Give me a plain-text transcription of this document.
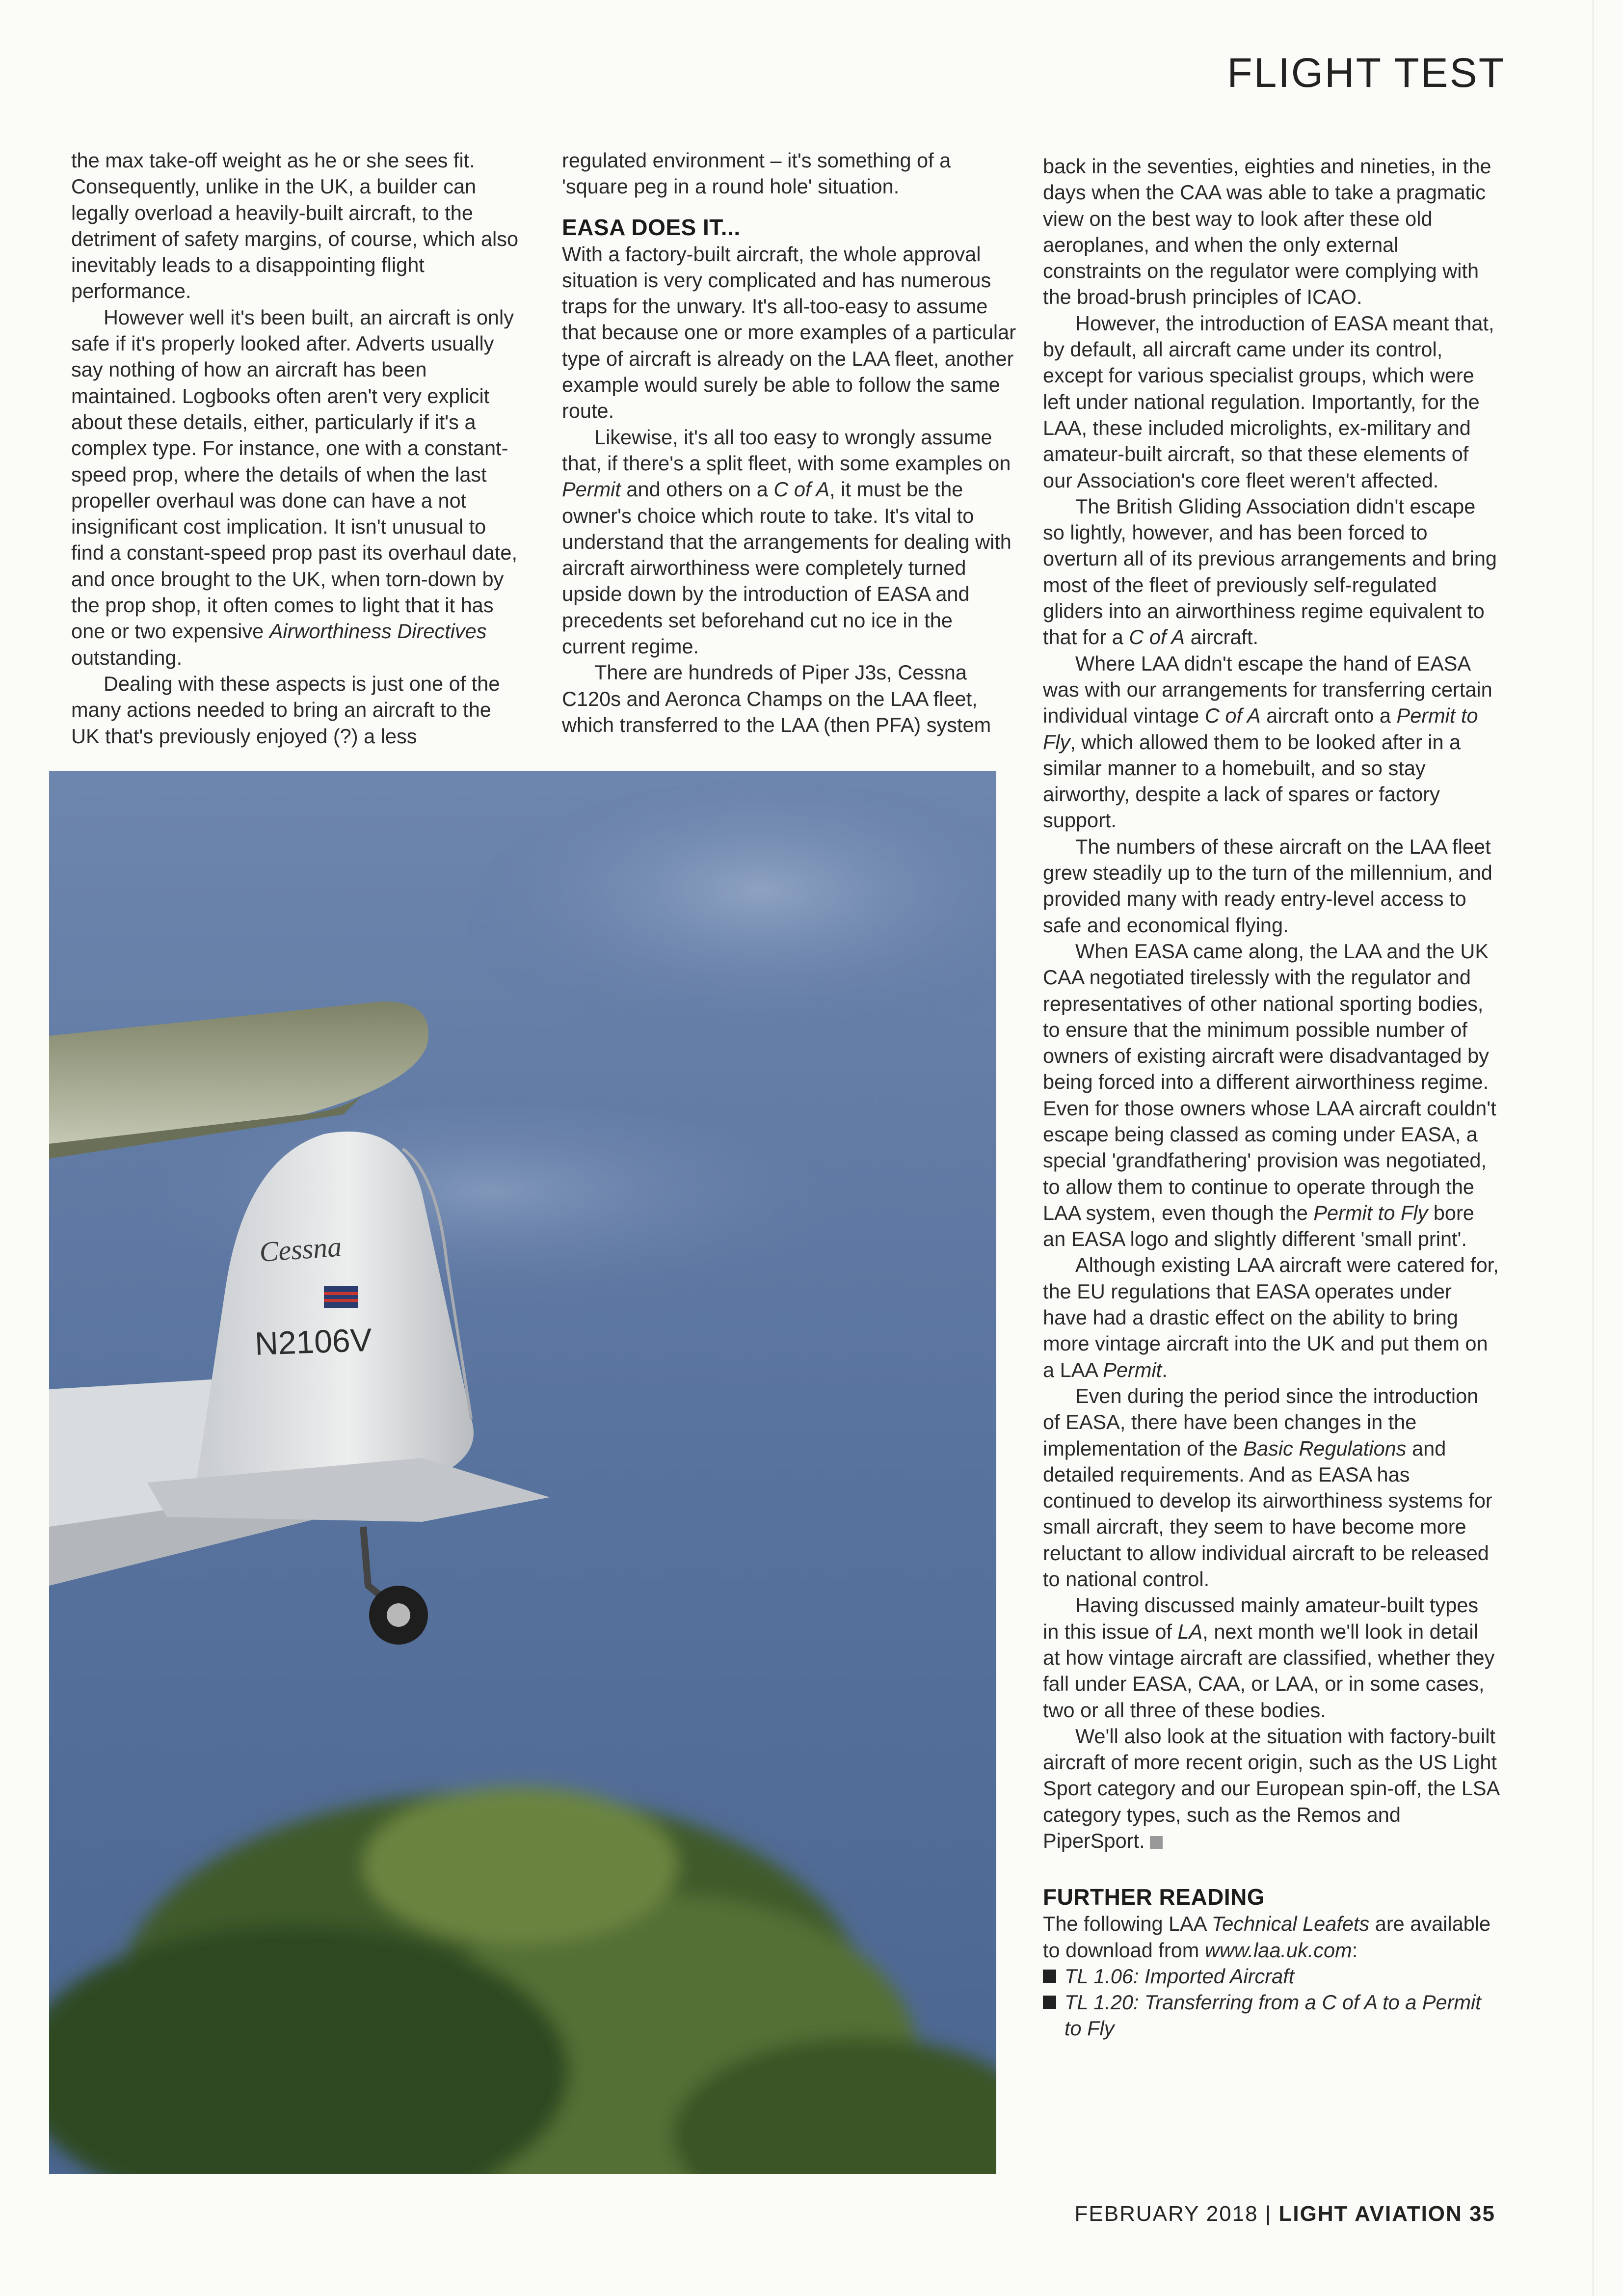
FLIGHT TEST

the max take-off weight as he or she sees fit. Consequently, unlike in the UK, a builder can legally overload a heavily-built aircraft, to the detriment of safety margins, of course, which also inevitably leads to a disappointing flight performance.

However well it's been built, an aircraft is only safe if it's properly looked after. Adverts usually say nothing of how an aircraft has been maintained. Logbooks often aren't very explicit about these details, either, particularly if it's a complex type. For instance, one with a constant-speed prop, where the details of when the last propeller overhaul was done can have a not insignificant cost implication. It isn't unusual to find a constant-speed prop past its overhaul date, and once brought to the UK, when torn-down by the prop shop, it often comes to light that it has one or two expensive Airworthiness Directives outstanding.

Dealing with these aspects is just one of the many actions needed to bring an aircraft to the UK that's previously enjoyed (?) a less

regulated environment – it's something of a 'square peg in a round hole' situation.

EASA DOES IT...

With a factory-built aircraft, the whole approval situation is very complicated and has numerous traps for the unwary. It's all-too-easy to assume that because one or more examples of a particular type of aircraft is already on the LAA fleet, another example would surely be able to follow the same route.

Likewise, it's all too easy to wrongly assume that, if there's a split fleet, with some examples on Permit and others on a C of A, it must be the owner's choice which route to take. It's vital to understand that the arrangements for dealing with aircraft airworthiness were completely turned upside down by the introduction of EASA and precedents set beforehand cut no ice in the current regime.

There are hundreds of Piper J3s, Cessna C120s and Aeronca Champs on the LAA fleet, which transferred to the LAA (then PFA) system

back in the seventies, eighties and nineties, in the days when the CAA was able to take a pragmatic view on the best way to look after these old aeroplanes, and when the only external constraints on the regulator were complying with the broad-brush principles of ICAO.

However, the introduction of EASA meant that, by default, all aircraft came under its control, except for various specialist groups, which were left under national regulation. Importantly, for the LAA, these included microlights, ex-military and amateur-built aircraft, so that these elements of our Association's core fleet weren't affected.

The British Gliding Association didn't escape so lightly, however, and has been forced to overturn all of its previous arrangements and bring most of the fleet of previously self-regulated gliders into an airworthiness regime equivalent to that for a C of A aircraft.

Where LAA didn't escape the hand of EASA was with our arrangements for transferring certain individual vintage C of A aircraft onto a Permit to Fly, which allowed them to be looked after in a similar manner to a homebuilt, and so stay airworthy, despite a lack of spares or factory support.

The numbers of these aircraft on the LAA fleet grew steadily up to the turn of the millennium, and provided many with ready entry-level access to safe and economical flying.

When EASA came along, the LAA and the UK CAA negotiated tirelessly with the regulator and representatives of other national sporting bodies, to ensure that the minimum possible number of owners of existing aircraft were disadvantaged by being forced into a different airworthiness regime. Even for those owners whose LAA aircraft couldn't escape being classed as coming under EASA, a special 'grandfathering' provision was negotiated, to allow them to continue to operate through the LAA system, even though the Permit to Fly bore an EASA logo and slightly different 'small print'.

Although existing LAA aircraft were catered for, the EU regulations that EASA operates under have had a drastic effect on the ability to bring more vintage aircraft into the UK and put them on a LAA Permit.

Even during the period since the introduction of EASA, there have been changes in the implementation of the Basic Regulations and detailed requirements. And as EASA has continued to develop its airworthiness systems for small aircraft, they seem to have become more reluctant to allow individual aircraft to be released to national control.

Having discussed mainly amateur-built types in this issue of LA, next month we'll look in detail at how vintage aircraft are classified, whether they fall under EASA, CAA, or LAA, or in some cases, two or all three of these bodies.

We'll also look at the situation with factory-built aircraft of more recent origin, such as the US Light Sport category and our European spin-off, the LSA category types, such as the Remos and PiperSport.

FURTHER READING

The following LAA Technical Leafets are available to download from www.laa.uk.com:

TL 1.06: Imported Aircraft

TL 1.20: Transferring from a C of A to a Permit to Fly

Cessna
N2106V
FEBRUARY 2018 | LIGHT AVIATION 35
